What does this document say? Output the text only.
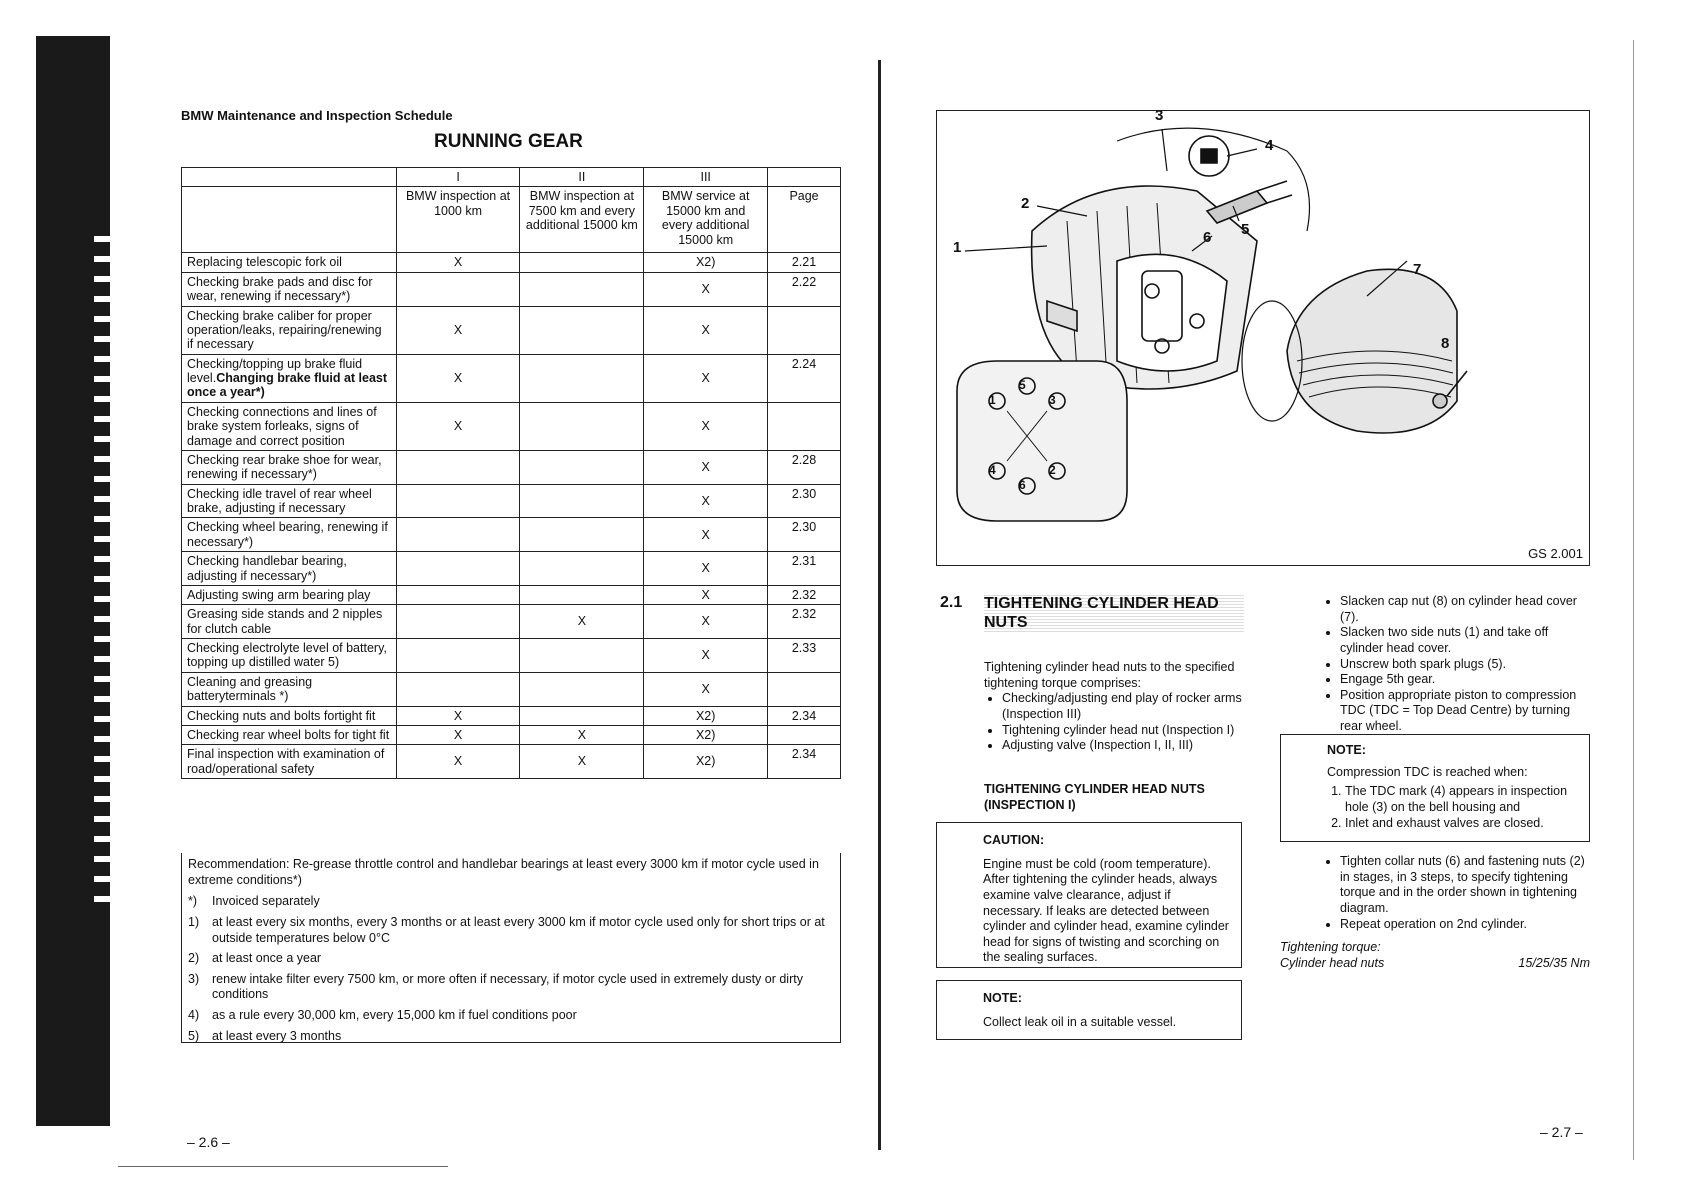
BMW Maintenance and Inspection Schedule
RUNNING GEAR
	I	II	III	
	BMW inspection at 1000 km	BMW inspection at 7500 km and every additional 15000 km	BMW service at 15000 km and every additional 15000 km	Page
Replacing telescopic fork oil	X		X2)	2.21
Checking brake pads and disc for wear, renewing if necessary*)			X	2.22
Checking brake caliber for proper operation/leaks, repairing/renewing if necessary	X		X	
Checking/topping up brake fluid level.Changing brake fluid at least once a year*)	X		X	2.24
Checking connections and lines of brake system forleaks, signs of damage and correct position	X		X	
Checking rear brake shoe for wear, renewing if necessary*)			X	2.28
Checking idle travel of rear wheel brake, adjusting if necessary			X	2.30
Checking wheel bearing, renewing if necessary*)			X	2.30
Checking handlebar bearing, adjusting if necessary*)			X	2.31
Adjusting swing arm bearing play			X	2.32
Greasing side stands and 2 nipples for clutch cable		X	X	2.32
Checking electrolyte level of battery, topping up distilled water 5)			X	2.33
Cleaning and greasing batteryterminals *)			X	
Checking nuts and bolts fortight fit	X		X2)	2.34
Checking rear wheel bolts for tight fit	X	X	X2)	
Final inspection with examination of road/operational safety	X	X	X2)	2.34
Recommendation: Re-grease throttle control and handlebar bearings at least every 3000 km if motor cycle used in extreme conditions*)
*)	Invoiced separately
1)	at least every six months, every 3 months or at least every 3000 km if motor cycle used only for short trips or at outside temperatures below 0°C
2)	at least once a year
3)	renew intake filter every 7500 km, or more often if necessary, if motor cycle used in extremely dusty or dirty conditions
4)	as a rule every 30,000 km, every 15,000 km if fuel conditions poor
5)	at least every 3 months
– 2.6 –
1
2
3
4
5
6
7
8
1
2
3
4
5
6
GS 2.001
2.1 TIGHTENING CYLINDER HEAD NUTS
Tightening cylinder head nuts to the specified tightening torque comprises:
• Checking/adjusting end play of rocker arms (Inspection III)
• Tightening cylinder head nut (Inspection I)
• Adjusting valve (Inspection I, II, III)
TIGHTENING CYLINDER HEAD NUTS (INSPECTION I)
CAUTION:
Engine must be cold (room temperature). After tightening the cylinder heads, always examine valve clearance, adjust if necessary. If leaks are detected between cylinder and cylinder head, examine cylinder head for signs of twisting and scorching on the sealing surfaces.
NOTE:
Collect leak oil in a suitable vessel.
• Slacken cap nut (8) on cylinder head cover (7).
• Slacken two side nuts (1) and take off cylinder head cover.
• Unscrew both spark plugs (5).
• Engage 5th gear.
• Position appropriate piston to compression TDC (TDC = Top Dead Centre) by turning rear wheel.
NOTE:
Compression TDC is reached when:
1. The TDC mark (4) appears in inspection hole (3) on the bell housing and
2. Inlet and exhaust valves are closed.
• Tighten collar nuts (6) and fastening nuts (2) in stages, in 3 steps, to specify tightening torque and in the order shown in tightening diagram.
• Repeat operation on 2nd cylinder.
Tightening torque:
Cylinder head nuts	15/25/35 Nm
– 2.7 –
